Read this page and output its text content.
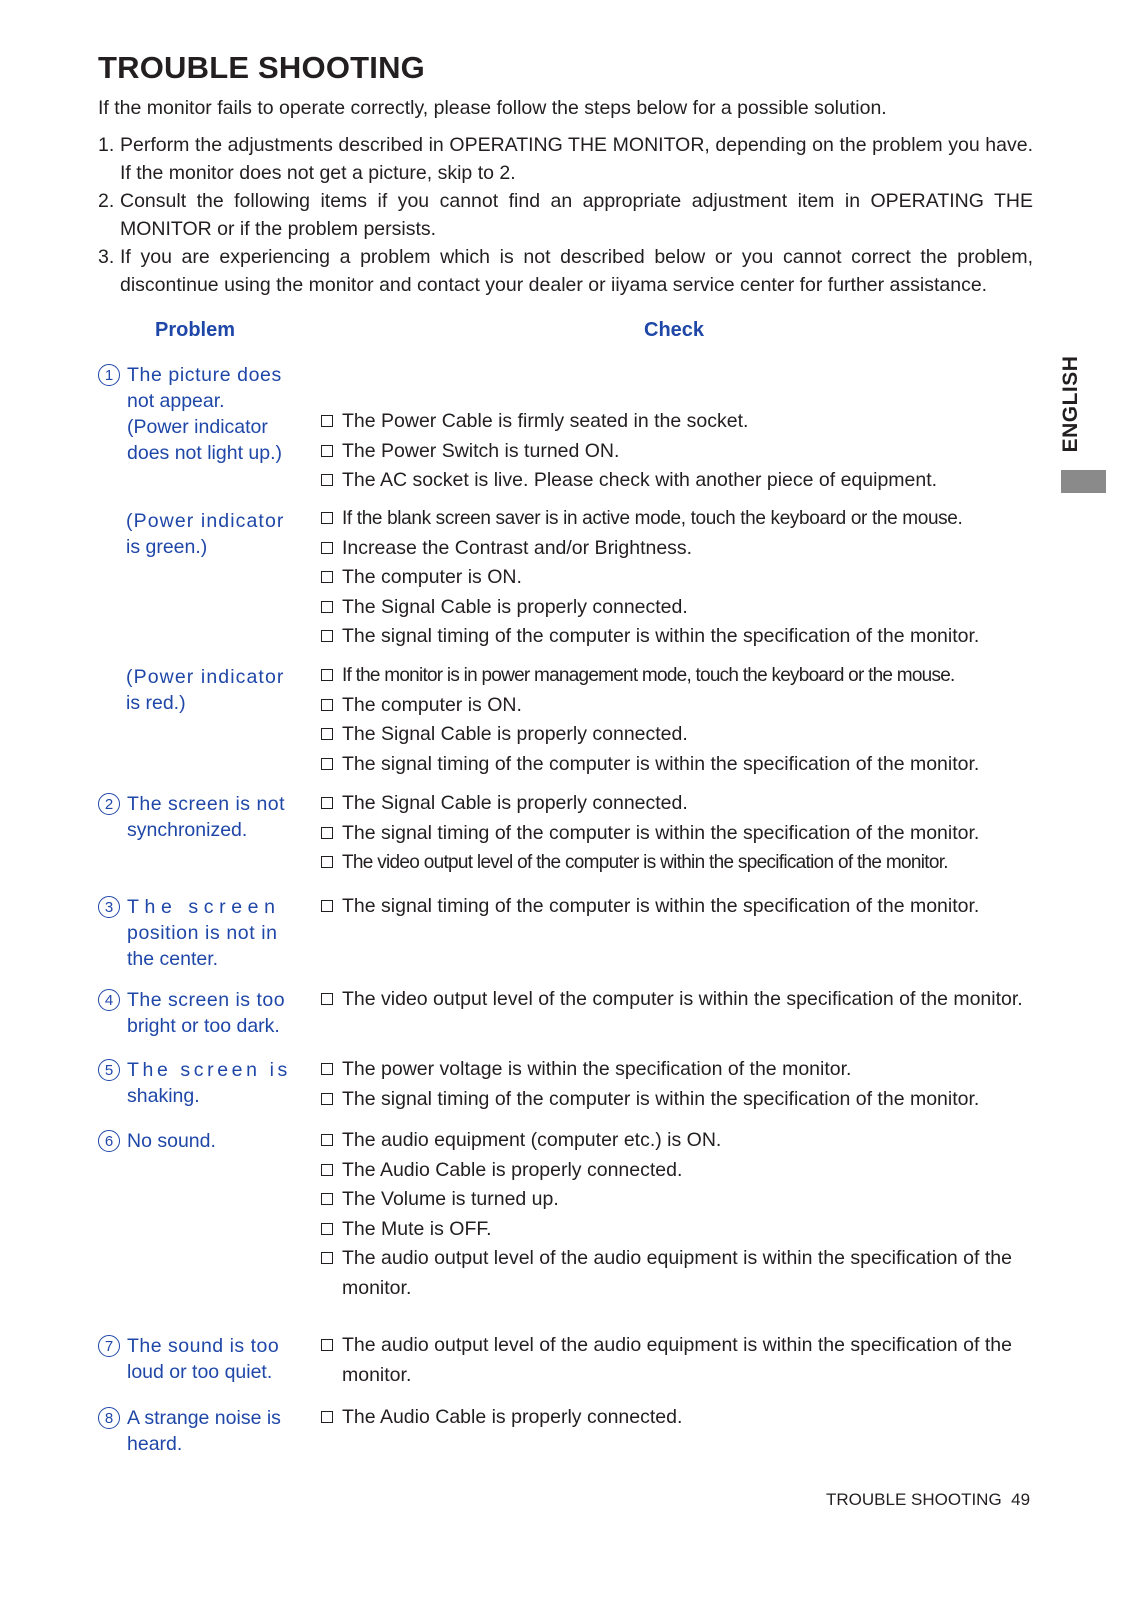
TROUBLE SHOOTING
If the monitor fails to operate correctly, please follow the steps below for a possible solution.
1. Perform the adjustments described in OPERATING THE MONITOR, depending on the problem you have. If the monitor does not get a picture, skip to 2.
2. Consult the following items if you cannot find an appropriate adjustment item in OPERATING THE MONITOR or if the problem persists.
3. If you are experiencing a problem which is not described below or you cannot correct the problem, discontinue using the monitor and contact your dealer or iiyama service center for further assistance.
Problem	Check
1 The picture does
not appear.
(Power indicator
does not light up.)
The Power Cable is firmly seated in the socket.
The Power Switch is turned ON.
The AC socket is live. Please check with another piece of equipment.
(Power indicator
is green.)
If the blank screen saver is in active mode, touch the keyboard or the mouse.
Increase the Contrast and/or Brightness.
The computer is ON.
The Signal Cable is properly connected.
The signal timing of the computer is within the specification of the monitor.
(Power indicator
is red.)
If the monitor is in power management mode, touch the keyboard or the mouse.
The computer is ON.
The Signal Cable is properly connected.
The signal timing of the computer is within the specification of the monitor.
2 The screen is not
synchronized.
The Signal Cable is properly connected.
The signal timing of the computer is within the specification of the monitor.
The video output level of the computer is within the specification of the monitor.
3 The screen
position is not in
the center.
The signal timing of the computer is within the specification of the monitor.
4 The screen is too
bright or too dark.
The video output level of the computer is within the specification of the monitor.
5 The screen is
shaking.
The power voltage is within the specification of the monitor.
The signal timing of the computer is within the specification of the monitor.
6 No sound.	The audio equipment (computer etc.) is ON.
The Audio Cable is properly connected.
The Volume is turned up.
The Mute is OFF.
The audio output level of the audio equipment is within the specification of the monitor.
7 The sound is too
loud or too quiet.
The audio output level of the audio equipment is within the specification of the monitor.
8 A strange noise is
heard.
The Audio Cable is properly connected.
ENGLISH
TROUBLE SHOOTING 49
